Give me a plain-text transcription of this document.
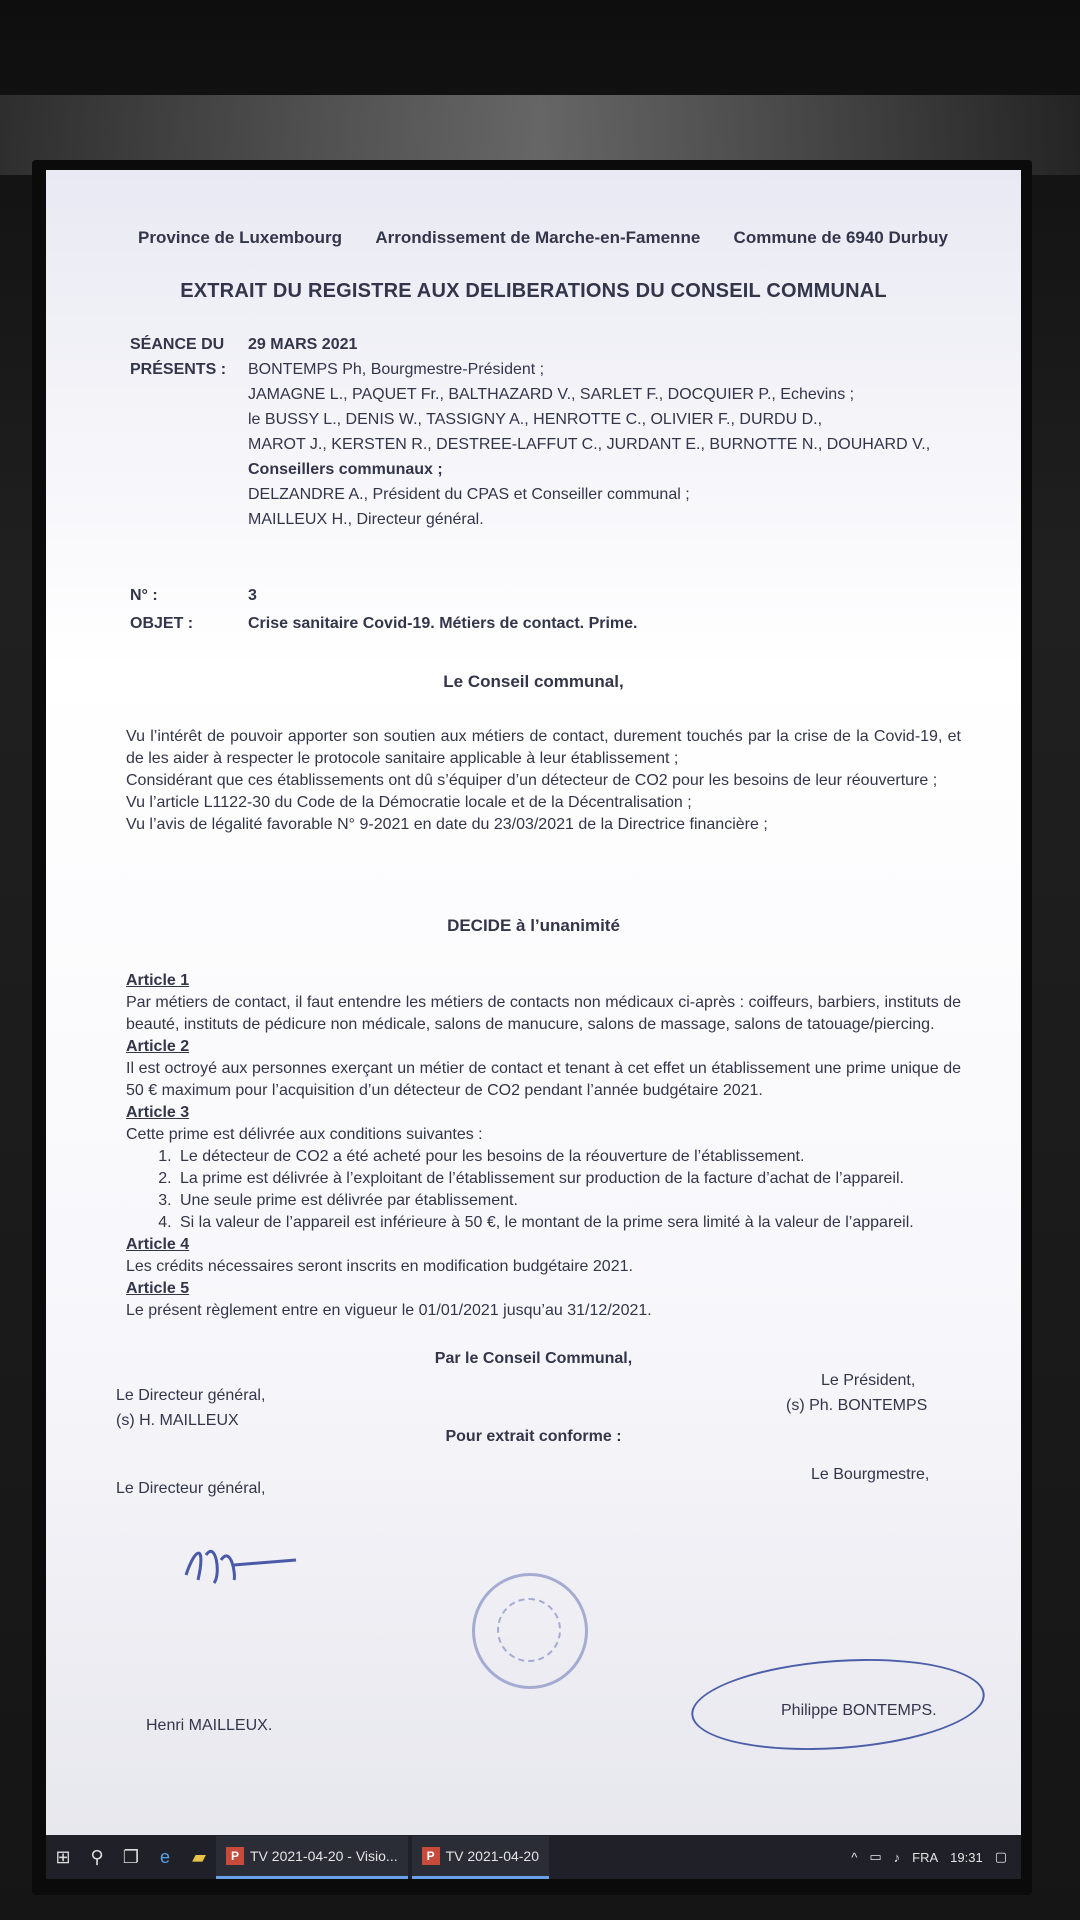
Province de Luxembourg Arrondissement de Marche-en-Famenne Commune de 6940 Durbuy
EXTRAIT DU REGISTRE AUX DELIBERATIONS DU CONSEIL COMMUNAL
SÉANCE DU	29 MARS 2021
PRÉSENTS :	BONTEMPS Ph, Bourgmestre-Président ;
JAMAGNE L., PAQUET Fr., BALTHAZARD V., SARLET F., DOCQUIER P., Echevins ;
le BUSSY L., DENIS W., TASSIGNY A., HENROTTE C., OLIVIER F., DURDU D.,
MAROT J., KERSTEN R., DESTREE-LAFFUT C., JURDANT E., BURNOTTE N., DOUHARD V.,
Conseillers communaux ;
DELZANDRE A., Président du CPAS et Conseiller communal ;
MAILLEUX H., Directeur général.
N° :	3
OBJET :	Crise sanitaire Covid-19. Métiers de contact. Prime.
Le Conseil communal,
Vu l’intérêt de pouvoir apporter son soutien aux métiers de contact, durement touchés par la crise de la Covid-19, et de les aider à respecter le protocole sanitaire applicable à leur établissement ;
Considérant que ces établissements ont dû s’équiper d’un détecteur de CO2 pour les besoins de leur réouverture ;
Vu l’article L1122-30 du Code de la Démocratie locale et de la Décentralisation ;
Vu l’avis de légalité favorable N° 9-2021 en date du 23/03/2021 de la Directrice financière ;
DECIDE à l’unanimité
Article 1
Par métiers de contact, il faut entendre les métiers de contacts non médicaux ci-après : coiffeurs, barbiers, instituts de beauté, instituts de pédicure non médicale, salons de manucure, salons de massage, salons de tatouage/piercing.
Article 2
Il est octroyé aux personnes exerçant un métier de contact et tenant à cet effet un établissement une prime unique de 50 € maximum pour l’acquisition d’un détecteur de CO2 pendant l’année budgétaire 2021.
Article 3
Cette prime est délivrée aux conditions suivantes :
1. Le détecteur de CO2 a été acheté pour les besoins de la réouverture de l’établissement.
2. La prime est délivrée à l’exploitant de l’établissement sur production de la facture d’achat de l’appareil.
3. Une seule prime est délivrée par établissement.
4. Si la valeur de l’appareil est inférieure à 50 €, le montant de la prime sera limité à la valeur de l’appareil.
Article 4
Les crédits nécessaires seront inscrits en modification budgétaire 2021.
Article 5
Le présent règlement entre en vigueur le 01/01/2021 jusqu’au 31/12/2021.
Par le Conseil Communal,
Le Directeur général,
(s) H. MAILLEUX
Le Président,
(s) Ph. BONTEMPS
Pour extrait conforme :
Le Directeur général,
Le Bourgmestre,
Henri MAILLEUX.
Philippe BONTEMPS.
⊞	⚲	❐	e	▰	P TV 2021-04-20 - Visio...	P TV 2021-04-20	^ ▭ ♪ FRA 19:31 ▢
